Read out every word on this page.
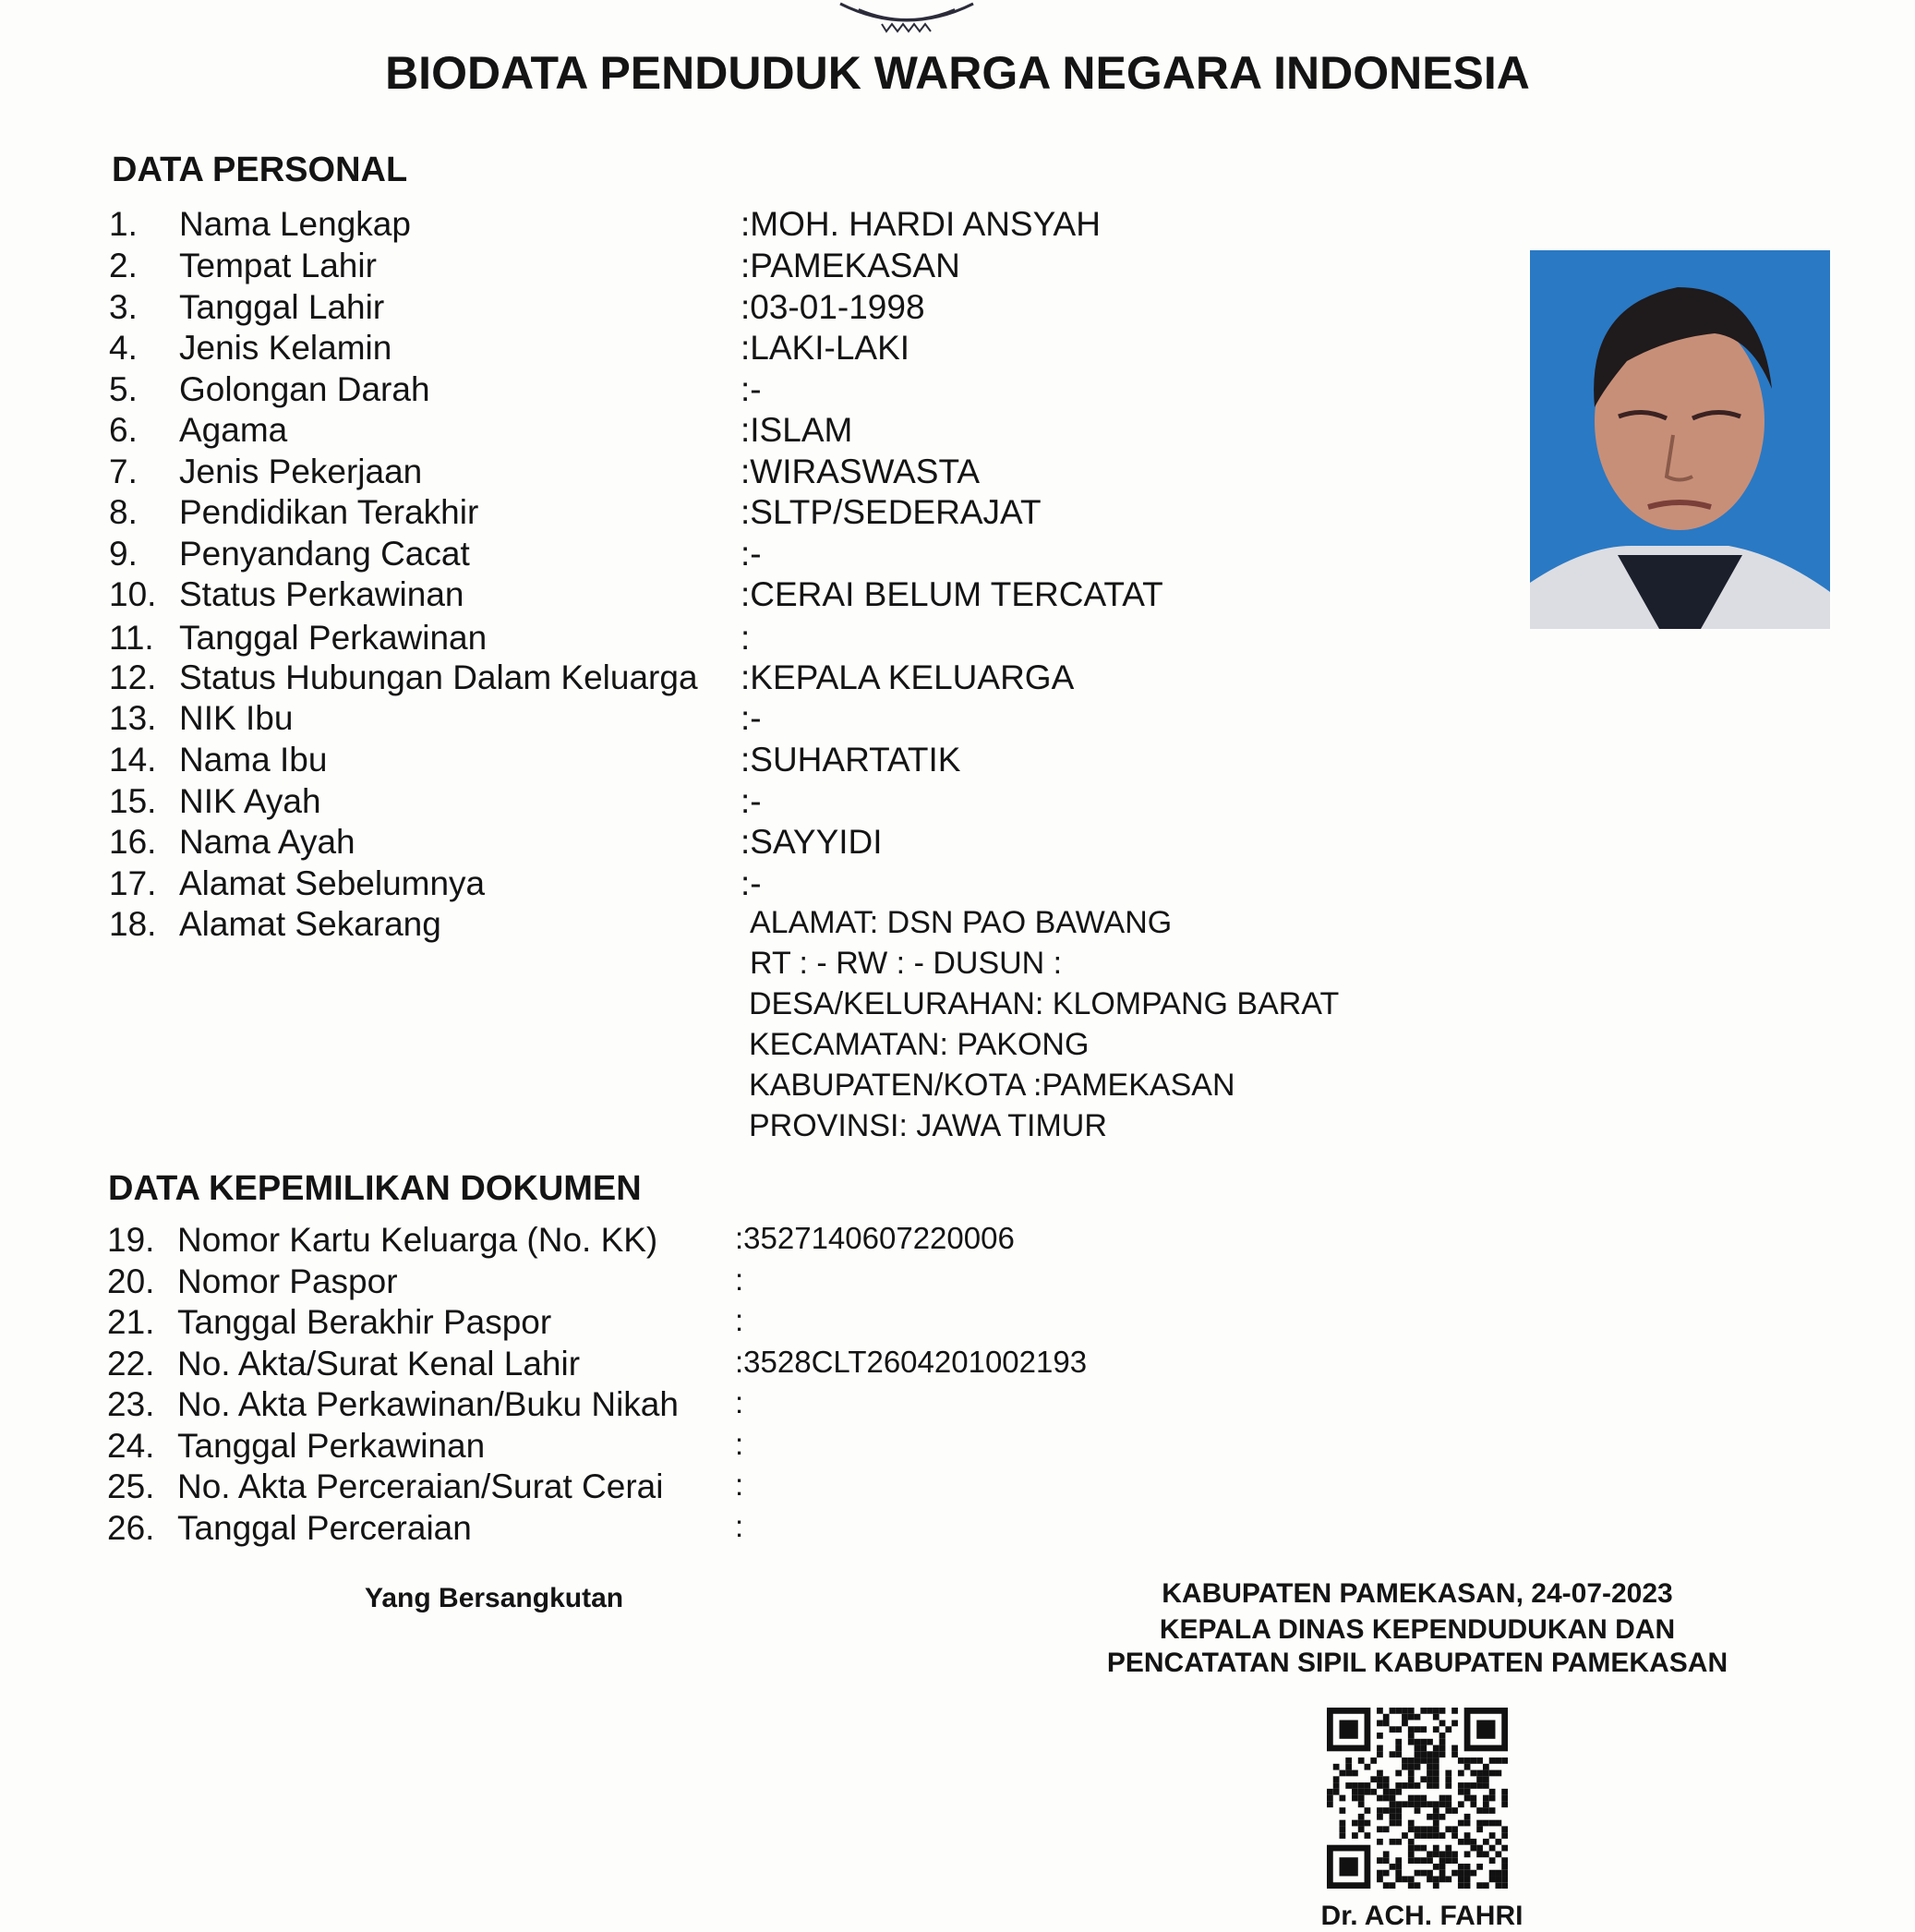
BIODATA PENDUDUK WARGA NEGARA INDONESIA
DATA PERSONAL
1. Nama Lengkap	:MOH. HARDI ANSYAH
2. Tempat Lahir	:PAMEKASAN
3. Tanggal Lahir	:03-01-1998
4. Jenis Kelamin	:LAKI-LAKI
5. Golongan Darah	:-
6. Agama	:ISLAM
7. Jenis Pekerjaan	:WIRASWASTA
8. Pendidikan Terakhir	:SLTP/SEDERAJAT
9. Penyandang Cacat	:-
10. Status Perkawinan	:CERAI BELUM TERCATAT
11. Tanggal Perkawinan	:
12. Status Hubungan Dalam Keluarga :KEPALA KELUARGA
13. NIK Ibu	:-
14. Nama Ibu	:SUHARTATIK
15. NIK Ayah	:-
16. Nama Ayah	:SAYYIDI
17. Alamat Sebelumnya	:-
18. Alamat Sekarang	ALAMAT: DSN PAO BAWANG
RT : - RW : - DUSUN :
DESA/KELURAHAN: KLOMPANG BARAT
KECAMATAN: PAKONG
KABUPATEN/KOTA :PAMEKASAN
PROVINSI: JAWA TIMUR
DATA KEPEMILIKAN DOKUMEN
19. Nomor Kartu Keluarga (No. KK)	:3527140607220006
20. Nomor Paspor	:
21. Tanggal Berakhir Paspor	:
22. No. Akta/Surat Kenal Lahir	:3528CLT2604201002193
23. No. Akta Perkawinan/Buku Nikah :
24. Tanggal Perkawinan	:
25. No. Akta Perceraian/Surat Cerai :
26. Tanggal Perceraian	:
Yang Bersangkutan	KABUPATEN PAMEKASAN, 24-07-2023
KEPALA DINAS KEPENDUDUKAN DAN
PENCATATAN SIPIL KABUPATEN PAMEKASAN
Dr. ACH. FAHRI
